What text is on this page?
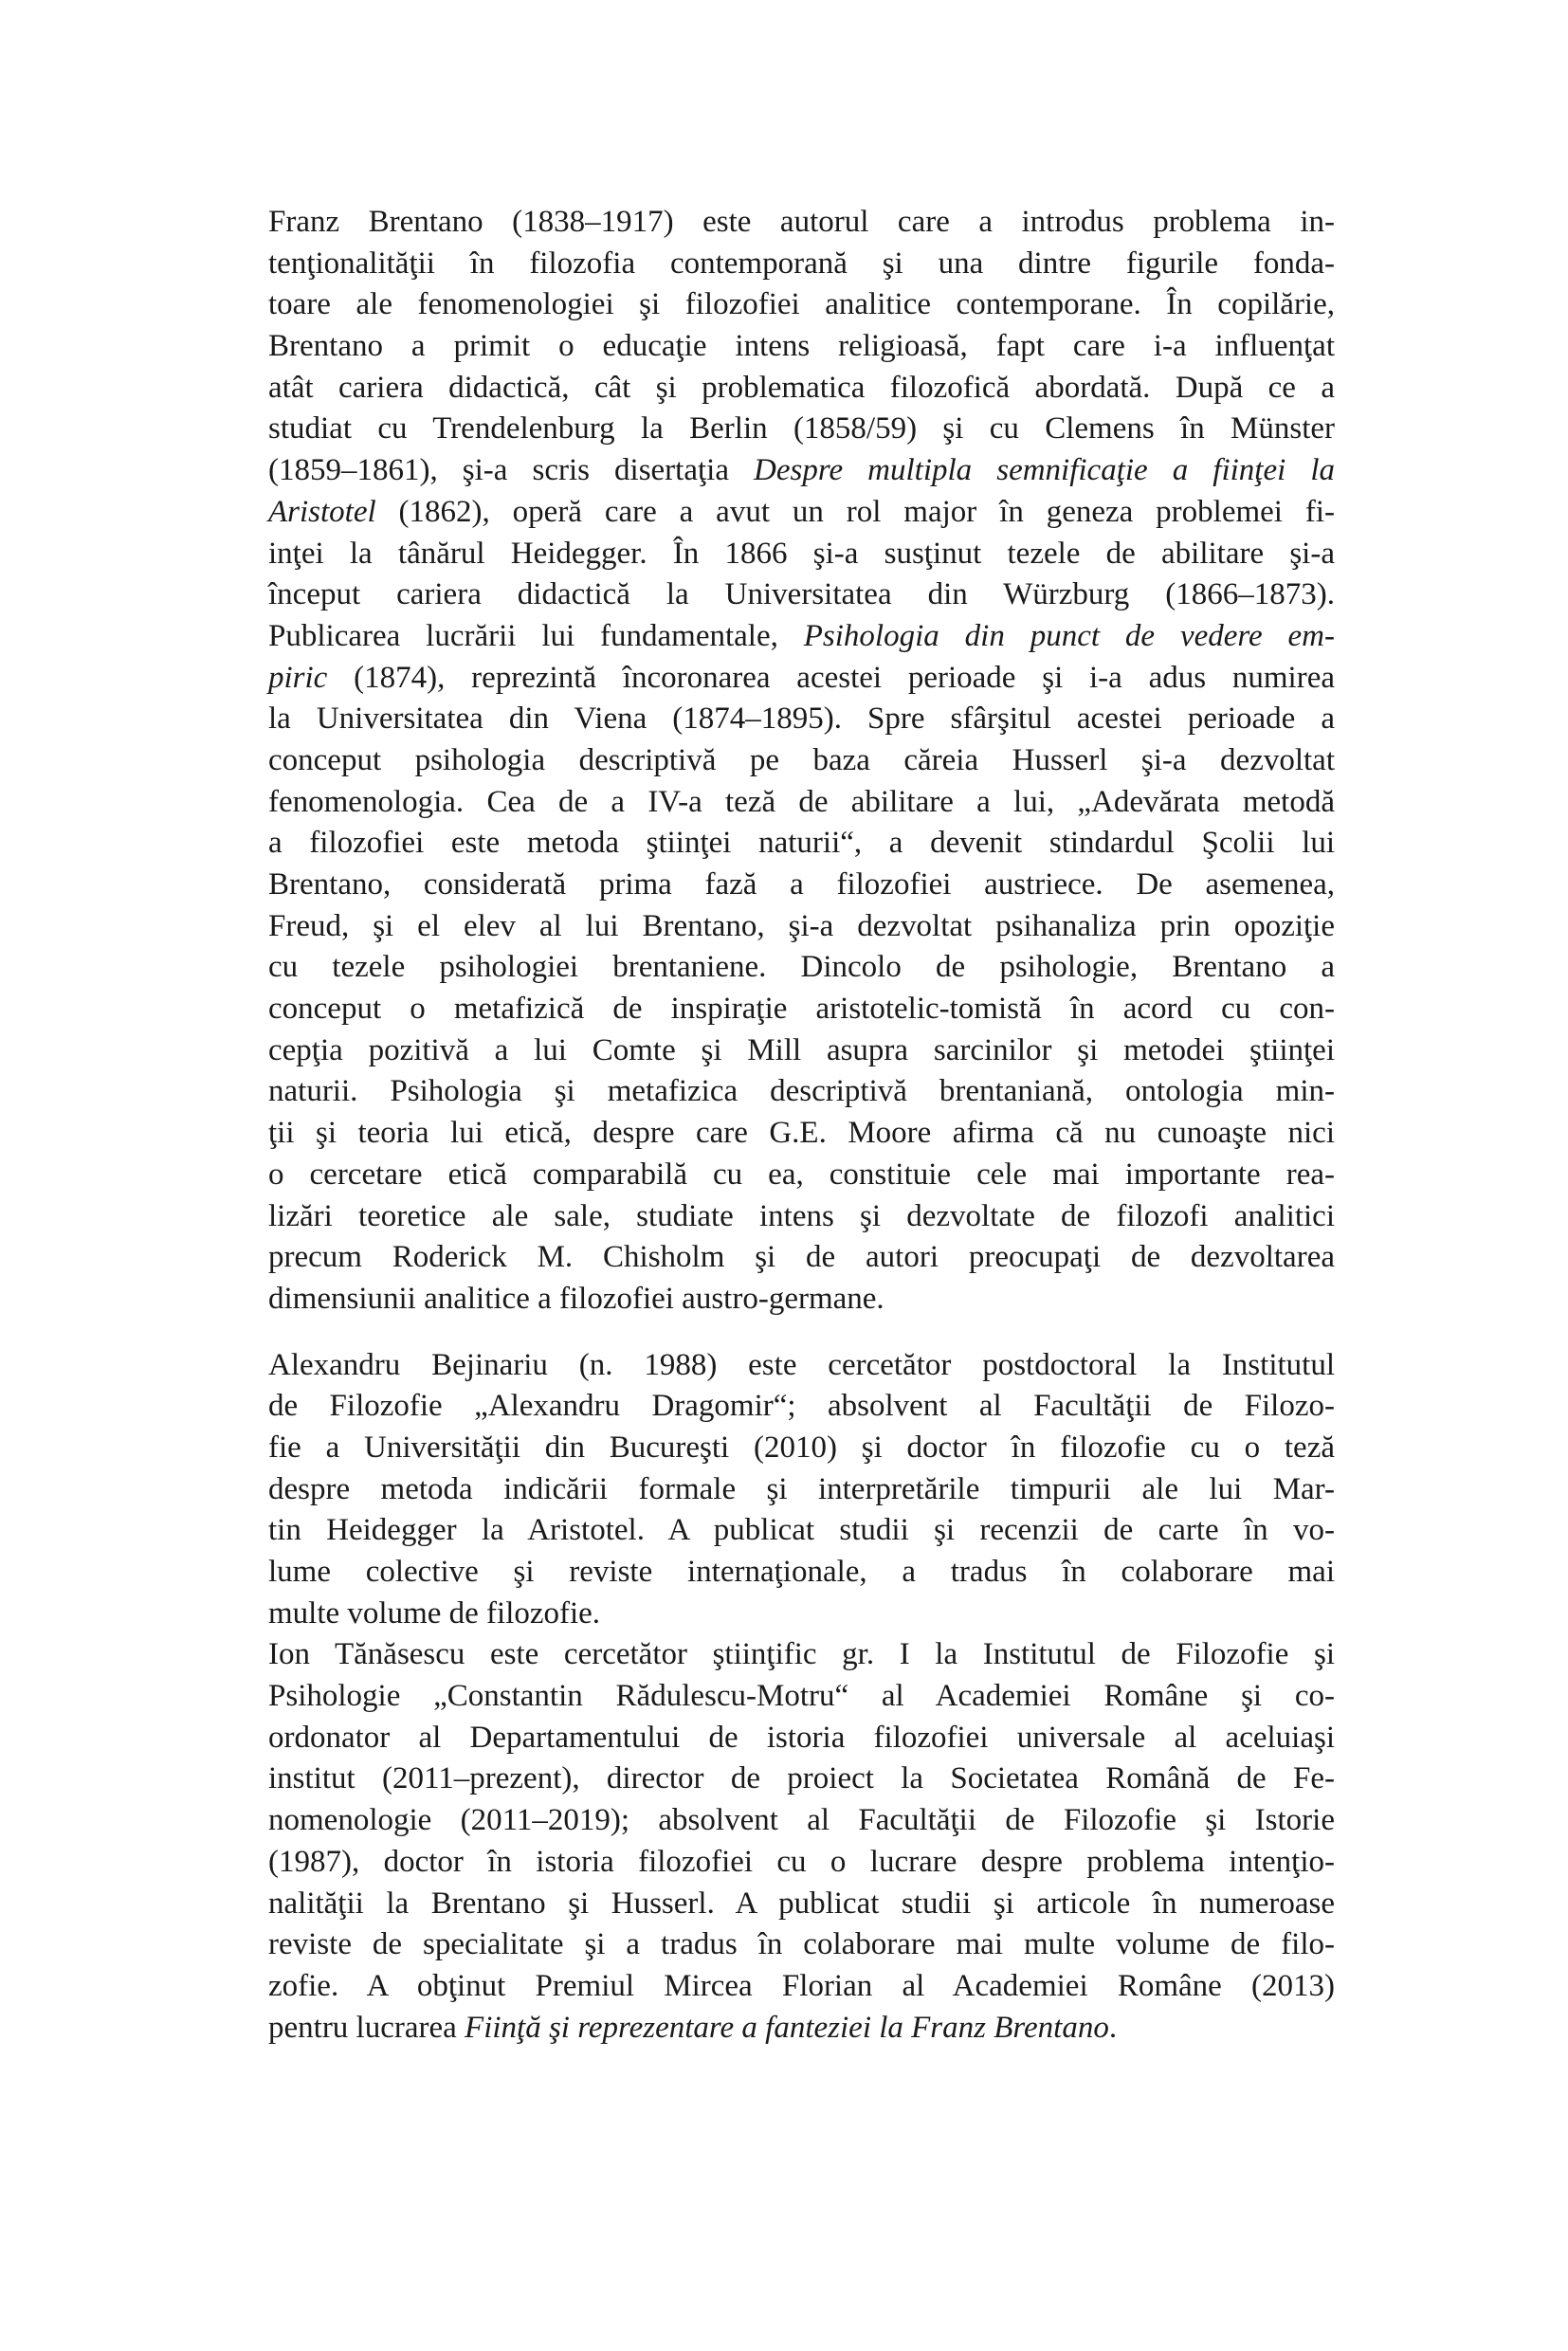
Franz Brentano (1838–1917) este autorul care a introdus problema in-
tenţionalităţii în filozofia contemporană şi una dintre figurile fonda-
toare ale fenomenologiei şi filozofiei analitice contemporane. În copilărie,
Brentano a primit o educaţie intens religioasă, fapt care i-a influenţat
atât cariera didactică, cât şi problematica filozofică abordată. După ce a
studiat cu Trendelenburg la Berlin (1858/59) şi cu Clemens în Münster
(1859–1861), şi-a scris disertaţia Despre multipla semnificaţie a fiinţei la
Aristotel (1862), operă care a avut un rol major în geneza problemei fi-
inţei la tânărul Heidegger. În 1866 şi-a susţinut tezele de abilitare şi-a
început cariera didactică la Universitatea din Würzburg (1866–1873).
Publicarea lucrării lui fundamentale, Psihologia din punct de vedere em-
piric (1874), reprezintă încoronarea acestei perioade şi i-a adus numirea
la Universitatea din Viena (1874–1895). Spre sfârşitul acestei perioade a
conceput psihologia descriptivă pe baza căreia Husserl şi-a dezvoltat
fenomenologia. Cea de a IV-a teză de abilitare a lui, „Adevărata metodă
a filozofiei este metoda ştiinţei naturii“, a devenit stindardul Şcolii lui
Brentano, considerată prima fază a filozofiei austriece. De asemenea,
Freud, şi el elev al lui Brentano, şi-a dezvoltat psihanaliza prin opoziţie
cu tezele psihologiei brentaniene. Dincolo de psihologie, Brentano a
conceput o metafizică de inspiraţie aristotelic-tomistă în acord cu con-
cepţia pozitivă a lui Comte şi Mill asupra sarcinilor şi metodei ştiinţei
naturii. Psihologia şi metafizica descriptivă brentaniană, ontologia min-
ţii şi teoria lui etică, despre care G.E. Moore afirma că nu cunoaşte nici
o cercetare etică comparabilă cu ea, constituie cele mai importante rea-
lizări teoretice ale sale, studiate intens şi dezvoltate de filozofi analitici
precum Roderick M. Chisholm şi de autori preocupaţi de dezvoltarea
dimensiunii analitice a filozofiei austro-germane.
Alexandru Bejinariu (n. 1988) este cercetător postdoctoral la Institutul
de Filozofie „Alexandru Dragomir“; absolvent al Facultăţii de Filozo-
fie a Universităţii din Bucureşti (2010) şi doctor în filozofie cu o teză
despre metoda indicării formale şi interpretările timpurii ale lui Mar-
tin Heidegger la Aristotel. A publicat studii şi recenzii de carte în vo-
lume colective şi reviste internaţionale, a tradus în colaborare mai
multe volume de filozofie.
Ion Tănăsescu este cercetător ştiinţific gr. I la Institutul de Filozofie şi
Psihologie „Constantin Rădulescu-Motru“ al Academiei Române şi co-
ordonator al Departamentului de istoria filozofiei universale al aceluiaşi
institut (2011–prezent), director de proiect la Societatea Română de Fe-
nomenologie (2011–2019); absolvent al Facultăţii de Filozofie şi Istorie
(1987), doctor în istoria filozofiei cu o lucrare despre problema intenţio-
nalităţii la Brentano şi Husserl. A publicat studii şi articole în numeroase
reviste de specialitate şi a tradus în colaborare mai multe volume de filo-
zofie. A obţinut Premiul Mircea Florian al Academiei Române (2013)
pentru lucrarea Fiinţă şi reprezentare a fanteziei la Franz Brentano.
